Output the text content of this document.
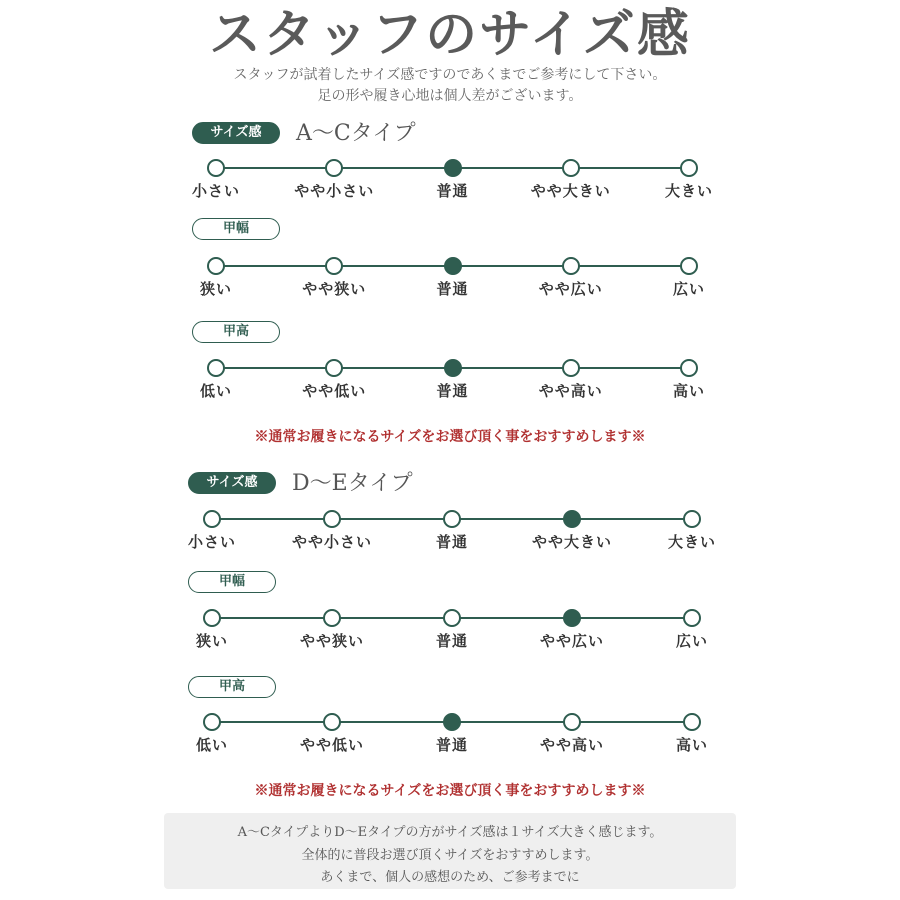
スタッフのサイズ感
スタッフが試着したサイズ感ですのであくまでご参考にして下さい。
足の形や履き心地は個人差がございます。
サイズ感	A〜Cタイプ
小さい	やや小さい	普通	やや大きい	大きい
甲幅
狭い	やや狭い	普通	やや広い	広い
甲高
低い	やや低い	普通	やや高い	高い
※通常お履きになるサイズをお選び頂く事をおすすめします※
サイズ感	D〜Eタイプ
小さい	やや小さい	普通	やや大きい	大きい
甲幅
狭い	やや狭い	普通	やや広い	広い
甲高
低い	やや低い	普通	やや高い	高い
※通常お履きになるサイズをお選び頂く事をおすすめします※
A〜CタイプよりD〜Eタイプの方がサイズ感は１サイズ大きく感じます。
全体的に普段お選び頂くサイズをおすすめします。
あくまで、個人の感想のため、ご参考までに
